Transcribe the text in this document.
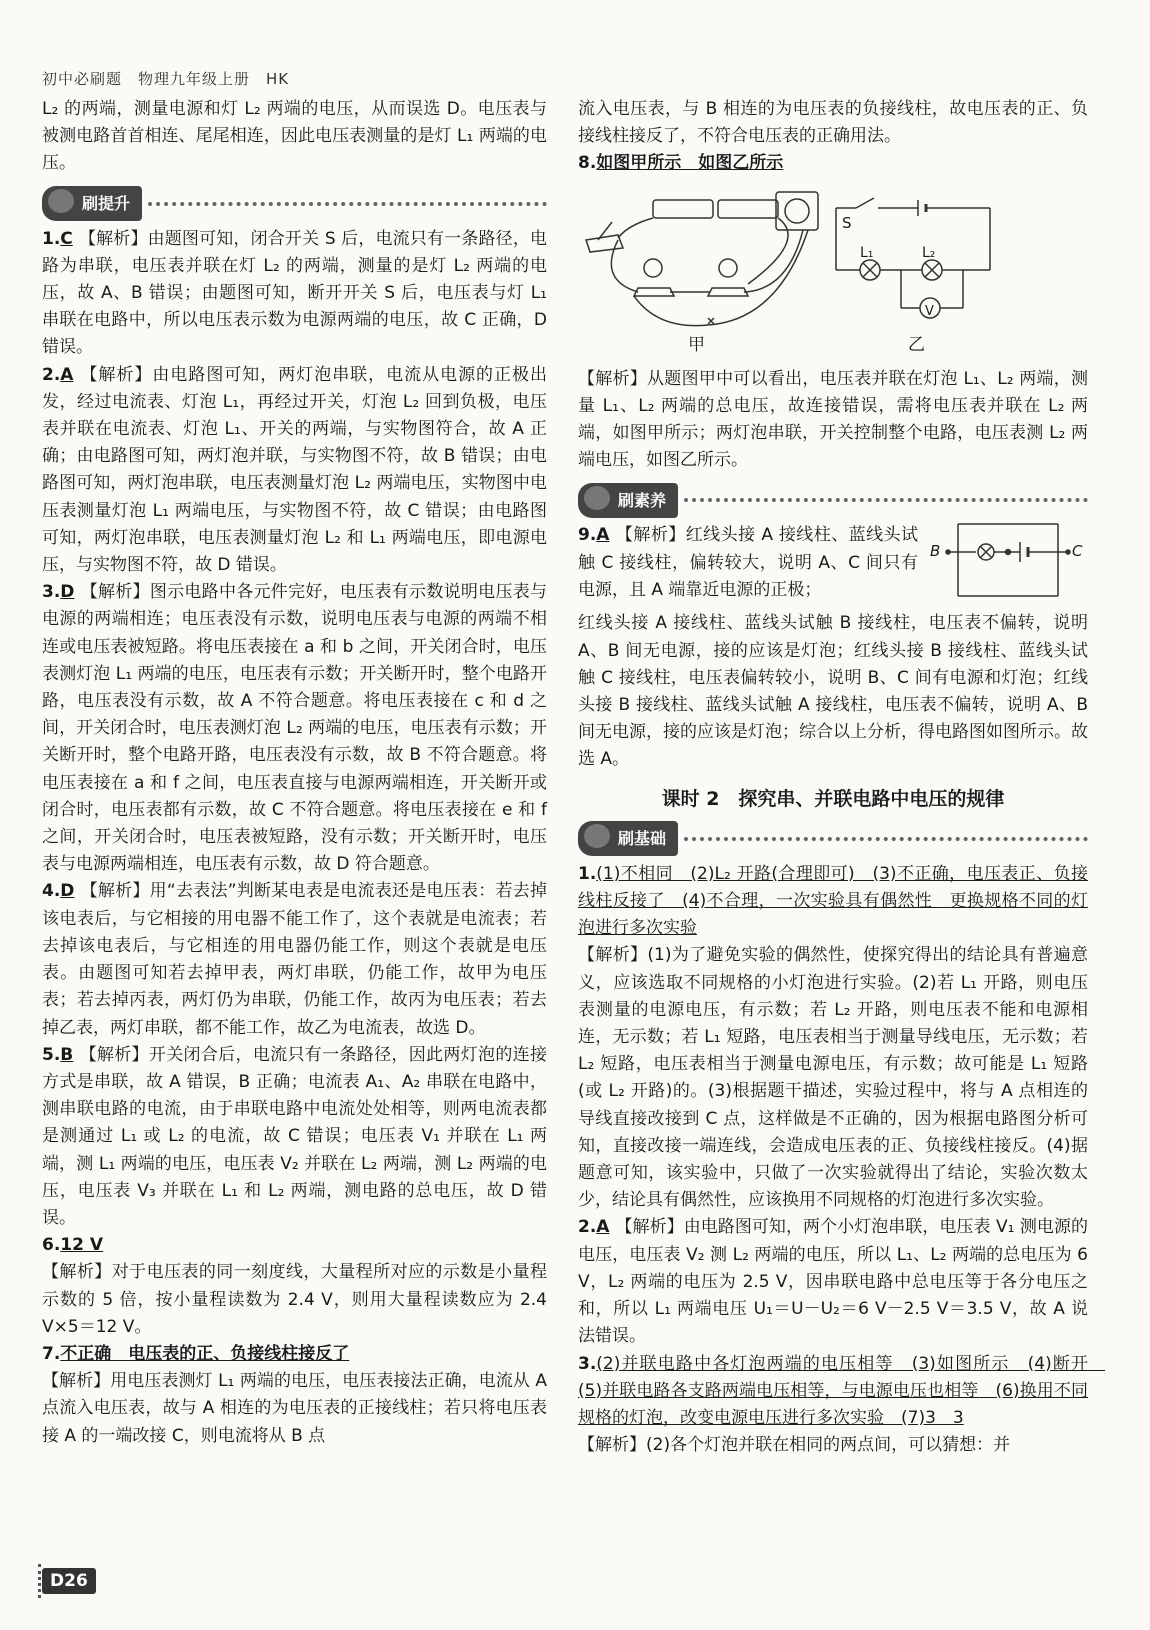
初中必刷题 物理九年级上册 HK

L₂ 的两端，测量电源和灯 L₂ 两端的电压，从而误选 D。电压表与被测电路首首相连、尾尾相连，因此电压表测量的是灯 L₁ 两端的电压。

刷提升

1.C 【解析】由题图可知，闭合开关 S 后，电流只有一条路径，电路为串联，电压表并联在灯 L₂ 的两端，测量的是灯 L₂ 两端的电压，故 A、B 错误；由题图可知，断开开关 S 后，电压表与灯 L₁ 串联在电路中，所以电压表示数为电源两端的电压，故 C 正确，D 错误。

2.A 【解析】由电路图可知，两灯泡串联，电流从电源的正极出发，经过电流表、灯泡 L₁，再经过开关，灯泡 L₂ 回到负极，电压表并联在电流表、灯泡 L₁、开关的两端，与实物图符合，故 A 正确；由电路图可知，两灯泡并联，与实物图不符，故 B 错误；由电路图可知，两灯泡串联，电压表测量灯泡 L₂ 两端电压，实物图中电压表测量灯泡 L₁ 两端电压，与实物图不符，故 C 错误；由电路图可知，两灯泡串联，电压表测量灯泡 L₂ 和 L₁ 两端电压，即电源电压，与实物图不符，故 D 错误。

3.D 【解析】图示电路中各元件完好，电压表有示数说明电压表与电源的两端相连；电压表没有示数，说明电压表与电源的两端不相连或电压表被短路。将电压表接在 a 和 b 之间，开关闭合时，电压表测灯泡 L₁ 两端的电压，电压表有示数；开关断开时，整个电路开路，电压表没有示数，故 A 不符合题意。将电压表接在 c 和 d 之间，开关闭合时，电压表测灯泡 L₂ 两端的电压，电压表有示数；开关断开时，整个电路开路，电压表没有示数，故 B 不符合题意。将电压表接在 a 和 f 之间，电压表直接与电源两端相连，开关断开或闭合时，电压表都有示数，故 C 不符合题意。将电压表接在 e 和 f 之间，开关闭合时，电压表被短路，没有示数；开关断开时，电压表与电源两端相连，电压表有示数，故 D 符合题意。

4.D 【解析】用“去表法”判断某电表是电流表还是电压表：若去掉该电表后，与它相接的用电器不能工作了，这个表就是电流表；若去掉该电表后，与它相连的用电器仍能工作，则这个表就是电压表。由题图可知若去掉甲表，两灯串联，仍能工作，故甲为电压表；若去掉丙表，两灯仍为串联，仍能工作，故丙为电压表；若去掉乙表，两灯串联，都不能工作，故乙为电流表，故选 D。

5.B 【解析】开关闭合后，电流只有一条路径，因此两灯泡的连接方式是串联，故 A 错误，B 正确；电流表 A₁、A₂ 串联在电路中，测串联电路的电流，由于串联电路中电流处处相等，则两电流表都是测通过 L₁ 或 L₂ 的电流，故 C 错误；电压表 V₁ 并联在 L₁ 两端，测 L₁ 两端的电压，电压表 V₂ 并联在 L₂ 两端，测 L₂ 两端的电压，电压表 V₃ 并联在 L₁ 和 L₂ 两端，测电路的总电压，故 D 错误。

6.12 V
【解析】对于电压表的同一刻度线，大量程所对应的示数是小量程示数的 5 倍，按小量程读数为 2.4 V，则用大量程读数应为 2.4 V×5＝12 V。

7.不正确　电压表的正、负接线柱接反了
【解析】用电压表测灯 L₁ 两端的电压，电压表接法正确，电流从 A 点流入电压表，故与 A 相连的为电压表的正接线柱；若只将电压表接 A 的一端改接 C，则电流将从 B 点

流入电压表，与 B 相连的为电压表的负接线柱，故电压表的正、负接线柱接反了，不符合电压表的正确用法。

8.如图甲所示　如图乙所示

甲	乙
S
L₁	L₂
V

【解析】从题图甲中可以看出，电压表并联在灯泡 L₁、L₂ 两端，测量 L₁、L₂ 两端的总电压，故连接错误，需将电压表并联在 L₂ 两端，如图甲所示；两灯泡串联，开关控制整个电路，电压表测 L₂ 两端电压，如图乙所示。

刷素养
B	C

9.A 【解析】红线头接 A 接线柱、蓝线头试触 C 接线柱，偏转较大，说明 A、C 间只有电源，且 A 端靠近电源的正极；

红线头接 A 接线柱、蓝线头试触 B 接线柱，电压表不偏转，说明 A、B 间无电源，接的应该是灯泡；红线头接 B 接线柱、蓝线头试触 C 接线柱，电压表偏转较小，说明 B、C 间有电源和灯泡；红线头接 B 接线柱、蓝线头试触 A 接线柱，电压表不偏转，说明 A、B 间无电源，接的应该是灯泡；综合以上分析，得电路图如图所示。故选 A。

课时 2　探究串、并联电路中电压的规律
刷基础

1.(1)不相同　(2)L₂ 开路(合理即可)　(3)不正确，电压表正、负接线柱反接了　(4)不合理，一次实验具有偶然性　更换规格不同的灯泡进行多次实验
【解析】(1)为了避免实验的偶然性，使探究得出的结论具有普遍意义，应该选取不同规格的小灯泡进行实验。(2)若 L₁ 开路，则电压表测量的电源电压，有示数；若 L₂ 开路，则电压表不能和电源相连，无示数；若 L₁ 短路，电压表相当于测量导线电压，无示数；若 L₂ 短路，电压表相当于测量电源电压，有示数；故可能是 L₁ 短路(或 L₂ 开路)的。(3)根据题干描述，实验过程中，将与 A 点相连的导线直接改接到 C 点，这样做是不正确的，因为根据电路图分析可知，直接改接一端连线，会造成电压表的正、负接线柱接反。(4)据题意可知，该实验中，只做了一次实验就得出了结论，实验次数太少，结论具有偶然性，应该换用不同规格的灯泡进行多次实验。

2.A 【解析】由电路图可知，两个小灯泡串联，电压表 V₁ 测电源的电压，电压表 V₂ 测 L₂ 两端的电压，所以 L₁、L₂ 两端的总电压为 6 V，L₂ 两端的电压为 2.5 V，因串联电路中总电压等于各分电压之和，所以 L₁ 两端电压 U₁＝U－U₂＝6 V－2.5 V＝3.5 V，故 A 说法错误。

3.(2)并联电路中各灯泡两端的电压相等　(3)如图所示　(4)断开　(5)并联电路各支路两端电压相等，与电源电压也相等　(6)换用不同规格的灯泡，改变电源电压进行多次实验　(7)3　3
【解析】(2)各个灯泡并联在相同的两点间，可以猜想：并

D26
